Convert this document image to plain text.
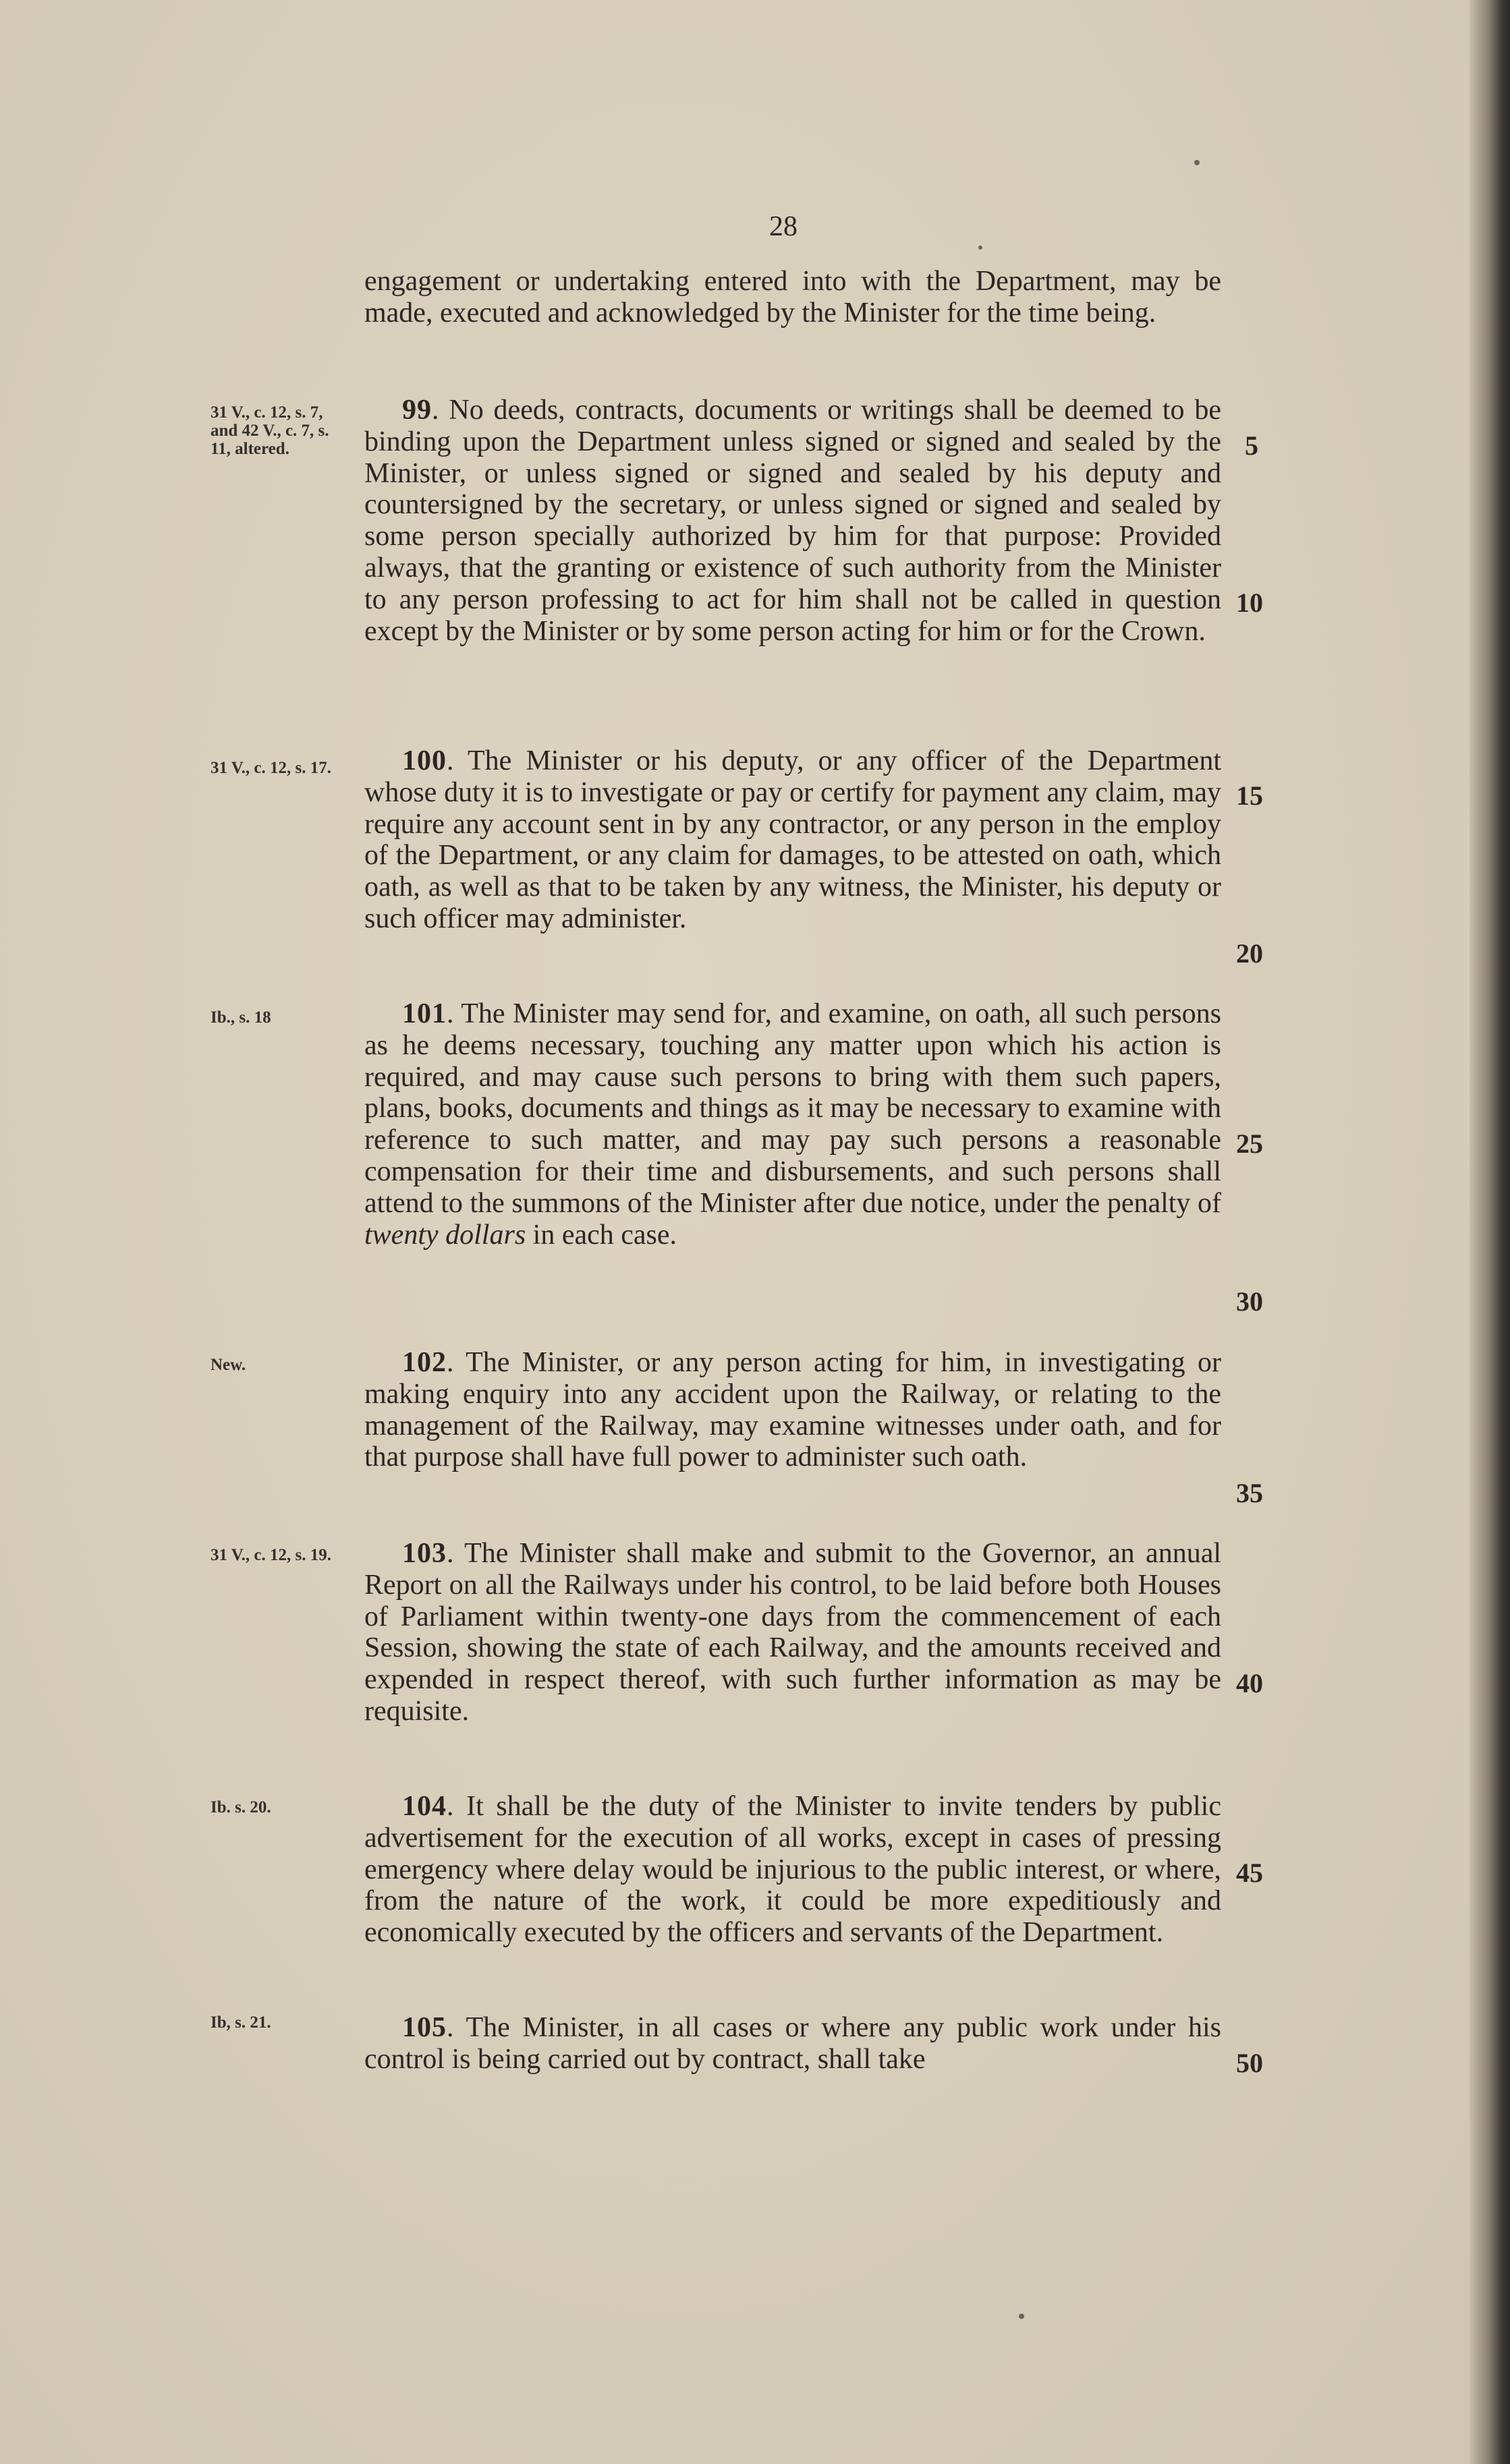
28

engagement or undertaking entered into with the Department, may be made, executed and acknowledged by the Minister for the time being.

31 V., c. 12, s. 7, and 42 V., c. 7, s. 11, altered.

99. No deeds, contracts, documents or writings shall be deemed to be binding upon the Department unless signed or signed and sealed by the Minister, or unless signed or signed and sealed by his deputy and countersigned by the secretary, or unless signed or signed and sealed by some person specially authorized by him for that purpose: Provided always, that the granting or existence of such authority from the Minister to any person professing to act for him shall not be called in question except by the Minister or by some person acting for him or for the Crown.

31 V., c. 12, s. 17.	100. The Minister or his deputy, or any officer of the Department whose duty it is to investigate or pay or certify for payment any claim, may require any account sent in by any contractor, or any person in the employ of the Department, or any claim for damages, to be attested on oath, which oath, as well as that to be taken by any witness, the Minister, his deputy or such officer may administer.

Ib., s. 18	101. The Minister may send for, and examine, on oath, all such persons as he deems necessary, touching any matter upon which his action is required, and may cause such persons to bring with them such papers, plans, books, documents and things as it may be necessary to examine with reference to such matter, and may pay such persons a reasonable compensation for their time and disbursements, and such persons shall attend to the summons of the Minister after due notice, under the penalty of twenty dollars in each case.

New.	102. The Minister, or any person acting for him, in investigating or making enquiry into any accident upon the Railway, or relating to the management of the Railway, may examine witnesses under oath, and for that purpose shall have full power to administer such oath.

31 V., c. 12, s. 19.	103. The Minister shall make and submit to the Governor, an annual Report on all the Railways under his control, to be laid before both Houses of Parliament within twenty-one days from the commencement of each Session, showing the state of each Railway, and the amounts received and expended in respect thereof, with such further information as may be requisite.

Ib. s. 20.	104. It shall be the duty of the Minister to invite tenders by public advertisement for the execution of all works, except in cases of pressing emergency where delay would be injurious to the public interest, or where, from the nature of the work, it could be more expeditiously and economically executed by the officers and servants of the Department.

Ib, s. 21.	105. The Minister, in all cases or where any public work under his control is being carried out by contract, shall take

5
10
15
20
25
30
35
40
45
50
